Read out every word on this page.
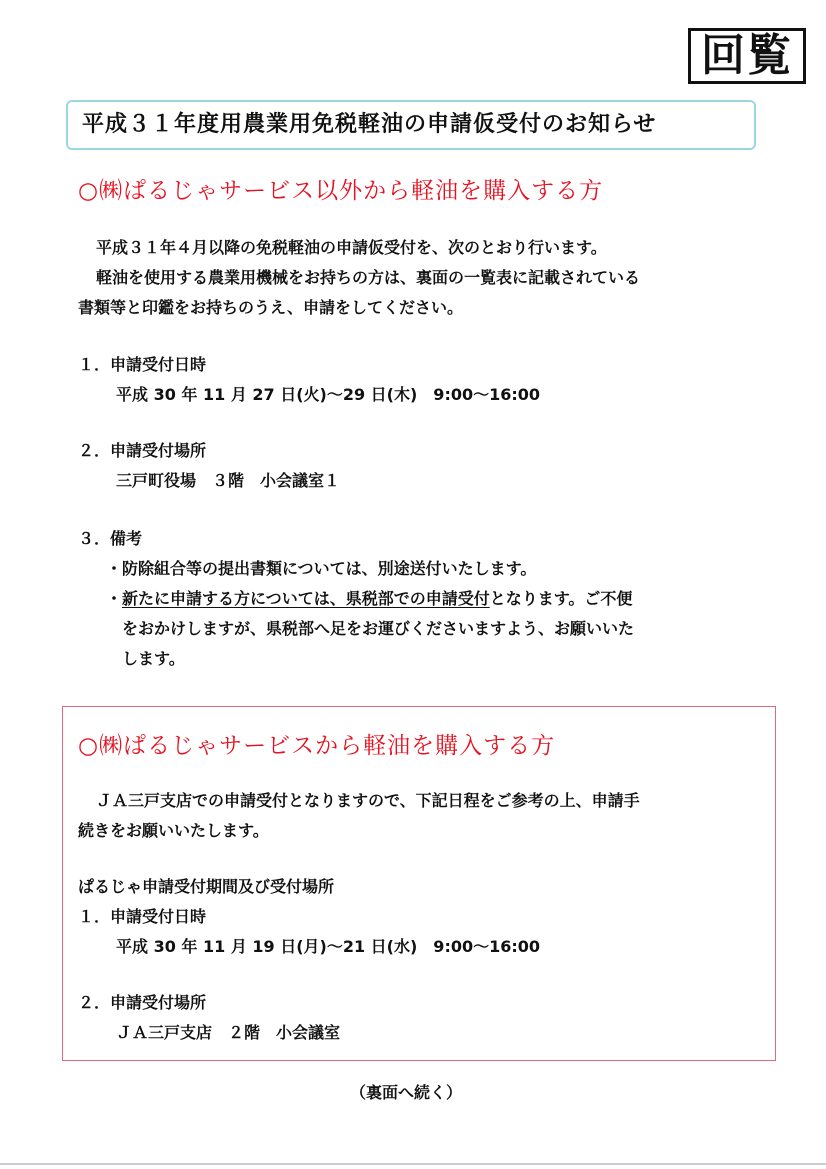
回覧
平成３１年度用農業用免税軽油の申請仮受付のお知らせ
○㈱ぱるじゃサービス以外から軽油を購入する方
平成３１年４月以降の免税軽油の申請仮受付を、次のとおり行います。
軽油を使用する農業用機械をお持ちの方は、裏面の一覧表に記載されている
書類等と印鑑をお持ちのうえ、申請をしてください。
１．申請受付日時
平成 30 年 11 月 27 日(火)～29 日(木)　9:00～16:00
２．申請受付場所
三戸町役場　３階　小会議室１
３．備考
・防除組合等の提出書類については、別途送付いたします。
・新たに申請する方については、県税部での申請受付となります。ご不便
をおかけしますが、県税部へ足をお運びくださいますよう、お願いいた
します。
○㈱ぱるじゃサービスから軽油を購入する方
ＪＡ三戸支店での申請受付となりますので、下記日程をご参考の上、申請手
続きをお願いいたします。
ぱるじゃ申請受付期間及び受付場所
１．申請受付日時
平成 30 年 11 月 19 日(月)～21 日(水)　9:00～16:00
２．申請受付場所
ＪＡ三戸支店　２階　小会議室
（裏面へ続く）
